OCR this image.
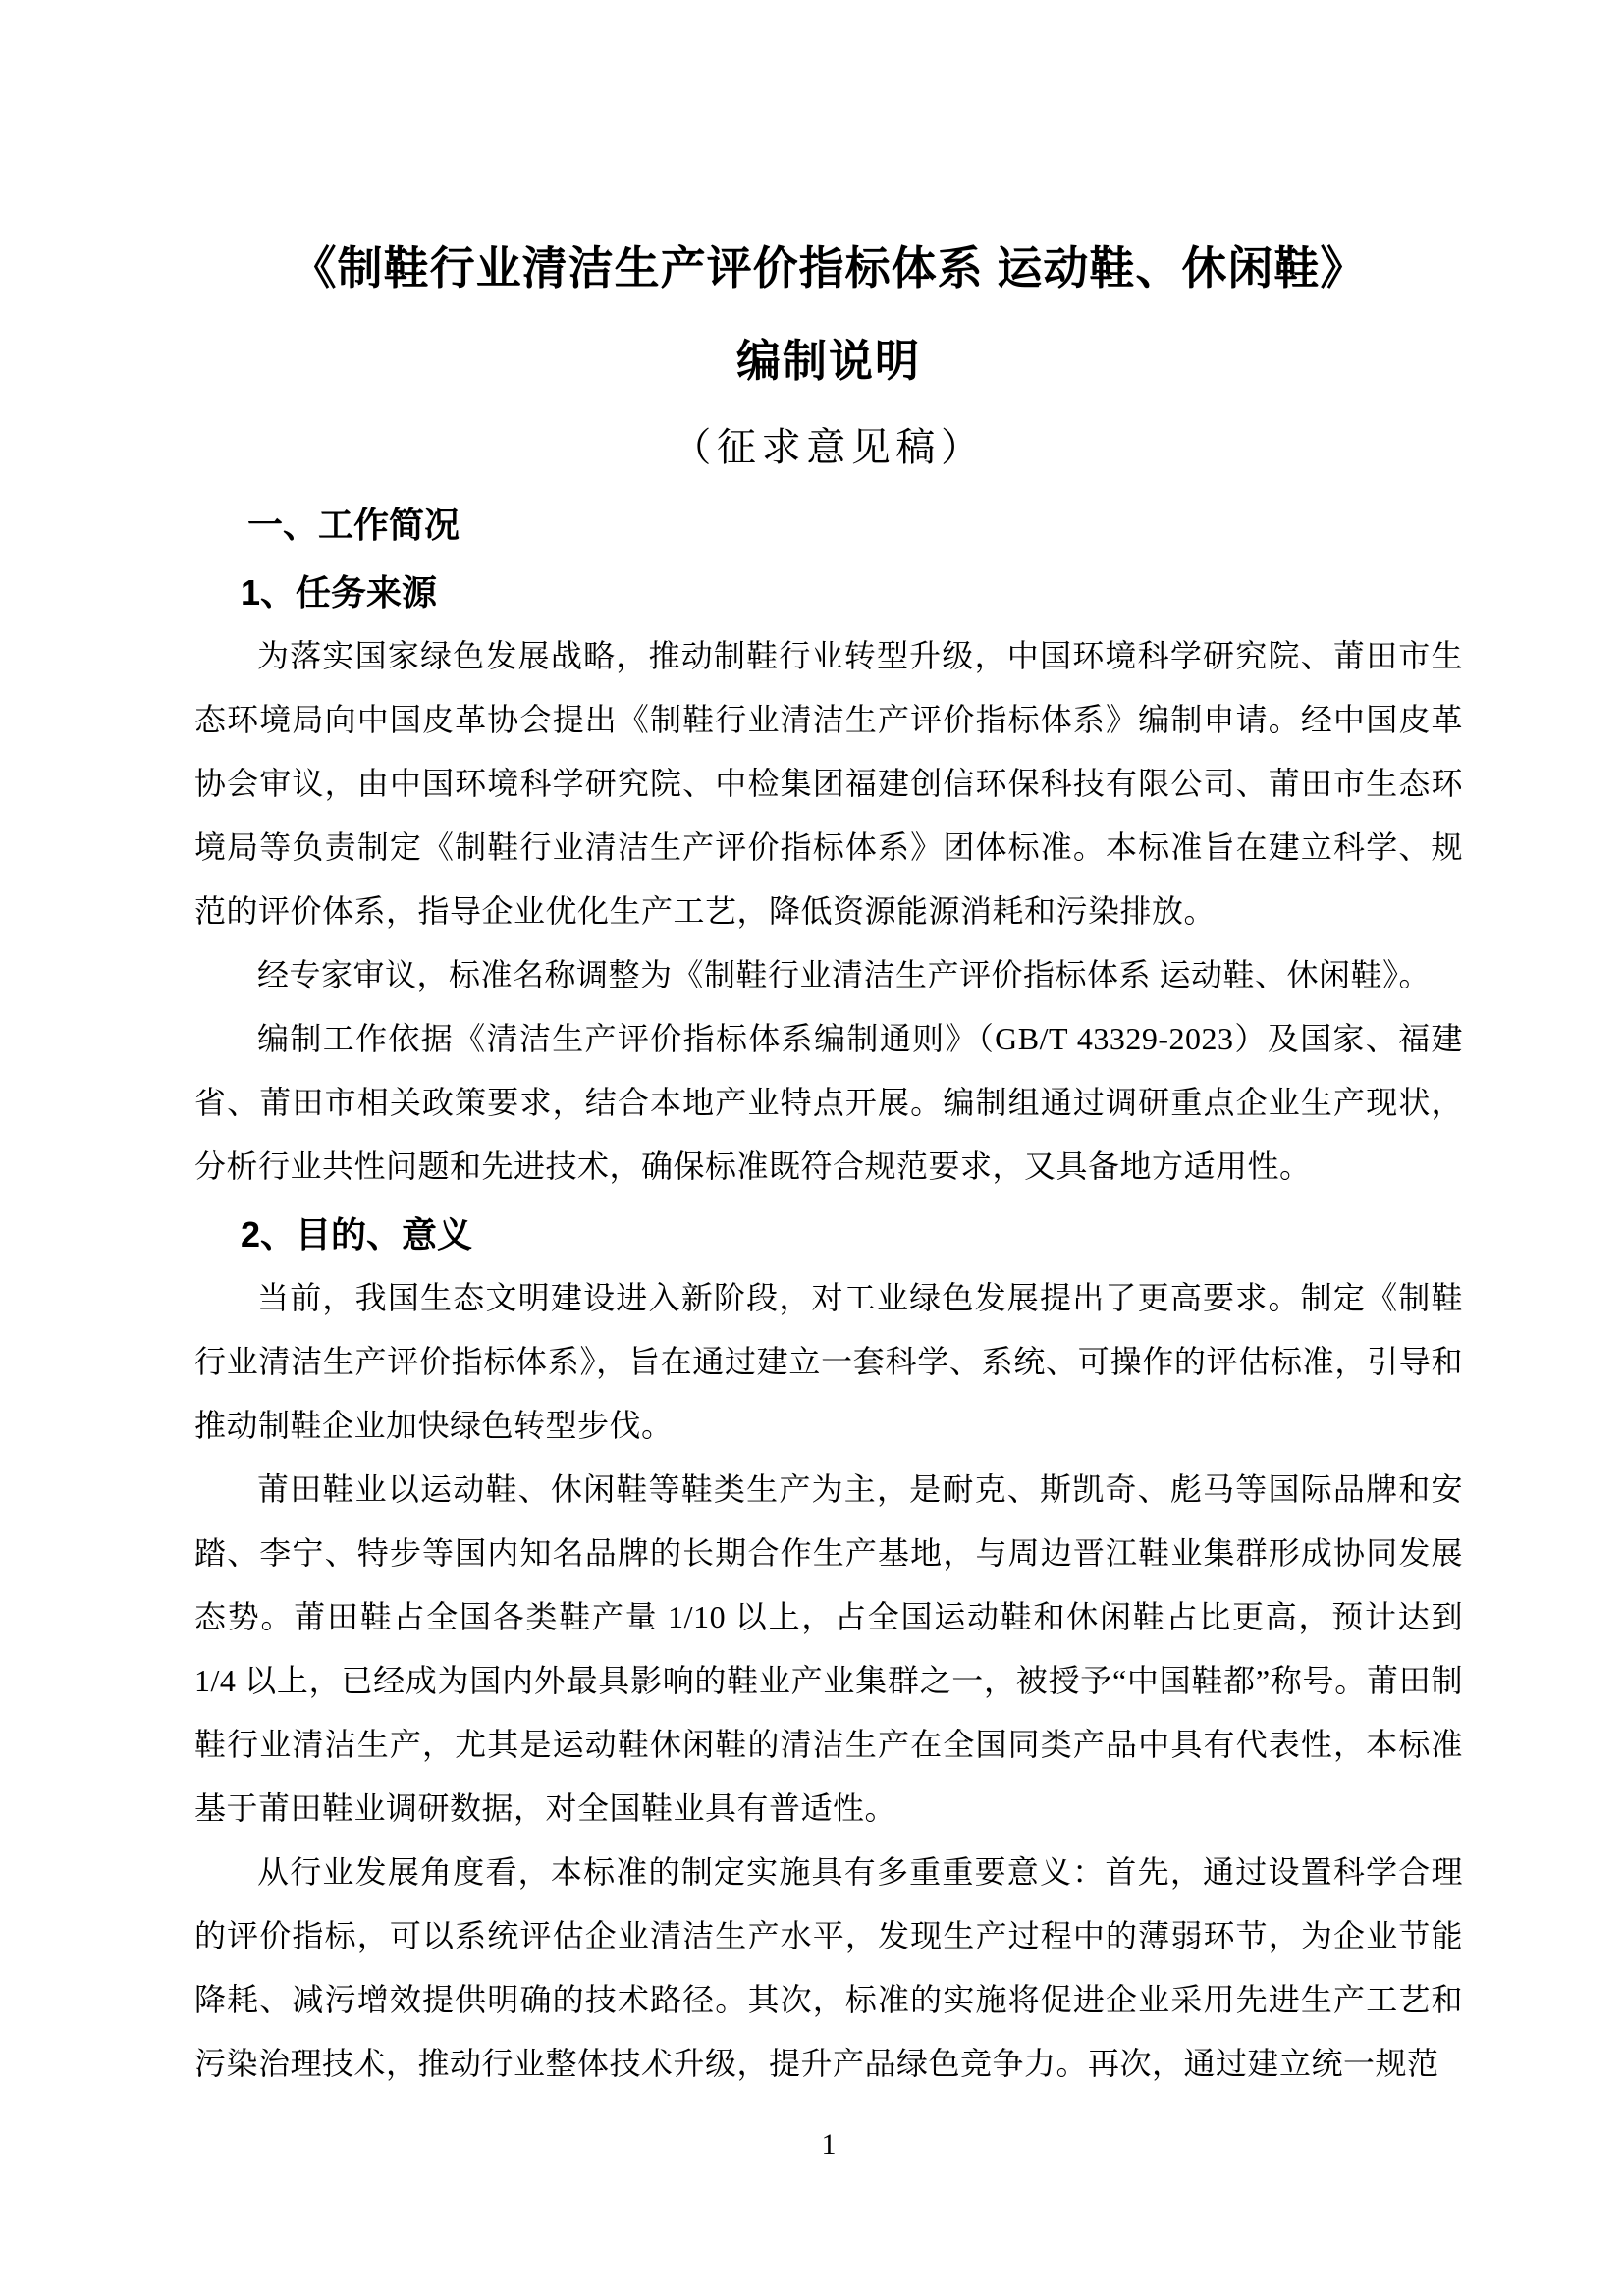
《制鞋行业清洁生产评价指标体系 运动鞋、休闲鞋》
编制说明
（征求意见稿）
一、工作简况
1、任务来源

为落实国家绿色发展战略，推动制鞋行业转型升级，中国环境科学研究院、莆田市生态环境局向中国皮革协会提出《制鞋行业清洁生产评价指标体系》编制申请。经中国皮革协会审议，由中国环境科学研究院、中检集团福建创信环保科技有限公司、莆田市生态环境局等负责制定《制鞋行业清洁生产评价指标体系》团体标准。本标准旨在建立科学、规范的评价体系，指导企业优化生产工艺，降低资源能源消耗和污染排放。

经专家审议，标准名称调整为《制鞋行业清洁生产评价指标体系 运动鞋、休闲鞋》。

编制工作依据《清洁生产评价指标体系编制通则》（GB/T 43329-2023）及国家、福建省、莆田市相关政策要求，结合本地产业特点开展。编制组通过调研重点企业生产现状，分析行业共性问题和先进技术，确保标准既符合规范要求，又具备地方适用性。

2、目的、意义

当前，我国生态文明建设进入新阶段，对工业绿色发展提出了更高要求。制定《制鞋行业清洁生产评价指标体系》，旨在通过建立一套科学、系统、可操作的评估标准，引导和推动制鞋企业加快绿色转型步伐。

莆田鞋业以运动鞋、休闲鞋等鞋类生产为主，是耐克、斯凯奇、彪马等国际品牌和安踏、李宁、特步等国内知名品牌的长期合作生产基地，与周边晋江鞋业集群形成协同发展态势。莆田鞋占全国各类鞋产量 1/10 以上，占全国运动鞋和休闲鞋占比更高，预计达到 1/4 以上，已经成为国内外最具影响的鞋业产业集群之一，被授予“中国鞋都”称号。莆田制鞋行业清洁生产，尤其是运动鞋休闲鞋的清洁生产在全国同类产品中具有代表性，本标准基于莆田鞋业调研数据，对全国鞋业具有普适性。

从行业发展角度看，本标准的制定实施具有多重重要意义：首先，通过设置科学合理的评价指标，可以系统评估企业清洁生产水平，发现生产过程中的薄弱环节，为企业节能降耗、减污增效提供明确的技术路径。其次，标准的实施将促进企业采用先进生产工艺和污染治理技术，推动行业整体技术升级，提升产品绿色竞争力。再次，通过建立统一规范

1
